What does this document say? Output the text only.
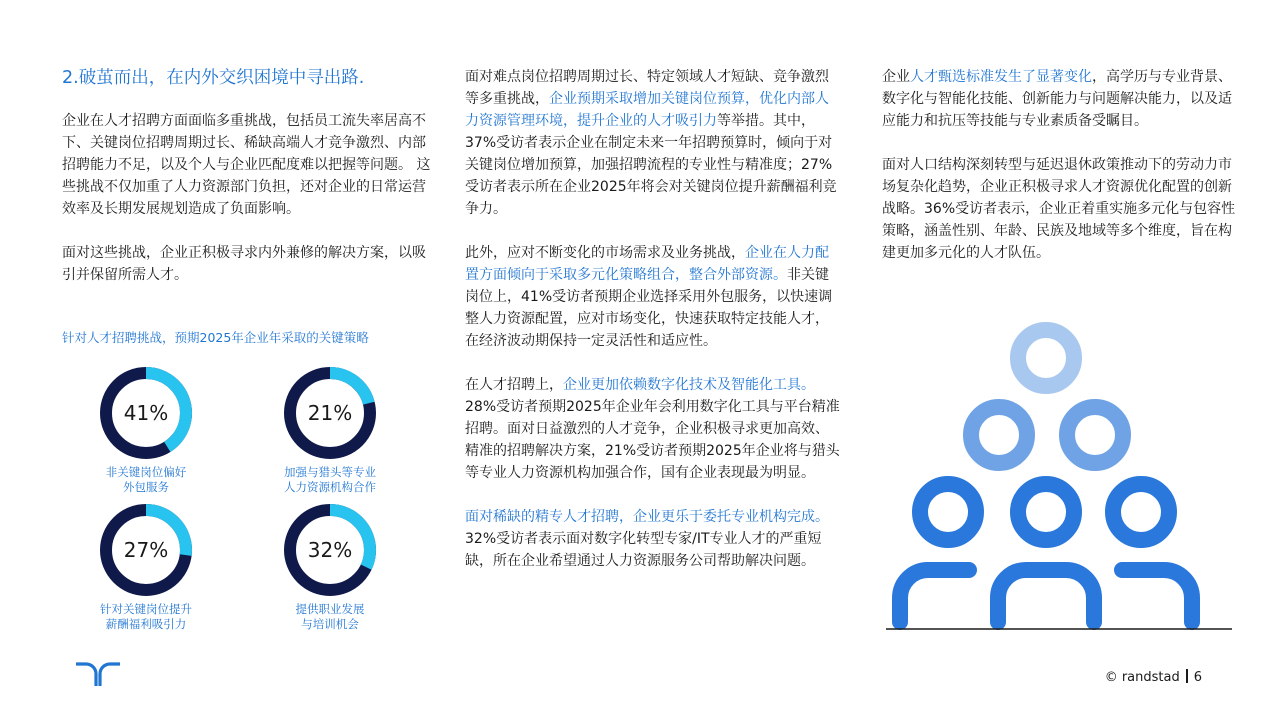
2.破茧而出，在内外交织困境中寻出路.

企业在人才招聘方面面临多重挑战，包括员工流失率居高不下、关键岗位招聘周期过长、稀缺高端人才竞争激烈、内部招聘能力不足，以及个人与企业匹配度难以把握等问题。 这些挑战不仅加重了人力资源部门负担，还对企业的日常运营效率及长期发展规划造成了负面影响。

面对这些挑战，企业正积极寻求内外兼修的解决方案，以吸引并保留所需人才。

针对人才招聘挑战，预期2025年企业年采取的关键策略
41%
非关键岗位偏好
外包服务
21%
加强与猎头等专业
人力资源机构合作
27%
针对关键岗位提升
薪酬福利吸引力
32%
提供职业发展
与培训机会

面对难点岗位招聘周期过长、特定领域人才短缺、竞争激烈等多重挑战，企业预期采取增加关键岗位预算，优化内部人力资源管理环境，提升企业的人才吸引力等举措。其中，37%受访者表示企业在制定未来一年招聘预算时，倾向于对关键岗位增加预算，加强招聘流程的专业性与精准度；27%受访者表示所在企业2025年将会对关键岗位提升薪酬福利竞争力。

此外，应对不断变化的市场需求及业务挑战，企业在人力配置方面倾向于采取多元化策略组合，整合外部资源。非关键岗位上，41%受访者预期企业选择采用外包服务，以快速调整人力资源配置，应对市场变化，快速获取特定技能人才，在经济波动期保持一定灵活性和适应性。

在人才招聘上，企业更加依赖数字化技术及智能化工具。28%受访者预期2025年企业年会利用数字化工具与平台精准招聘。面对日益激烈的人才竞争，企业积极寻求更加高效、精准的招聘解决方案，21%受访者预期2025年企业将与猎头等专业人力资源机构加强合作，国有企业表现最为明显。

面对稀缺的精专人才招聘，企业更乐于委托专业机构完成。32%受访者表示面对数字化转型专家/IT专业人才的严重短缺，所在企业希望通过人力资源服务公司帮助解决问题。

企业人才甄选标准发生了显著变化，高学历与专业背景、数字化与智能化技能、创新能力与问题解决能力，以及适应能力和抗压等技能与专业素质备受瞩目。

面对人口结构深刻转型与延迟退休政策推动下的劳动力市场复杂化趋势，企业正积极寻求人才资源优化配置的创新战略。36%受访者表示，企业正着重实施多元化与包容性策略，涵盖性别、年龄、民族及地域等多个维度，旨在构建更加多元化的人才队伍。

© randstad 6
